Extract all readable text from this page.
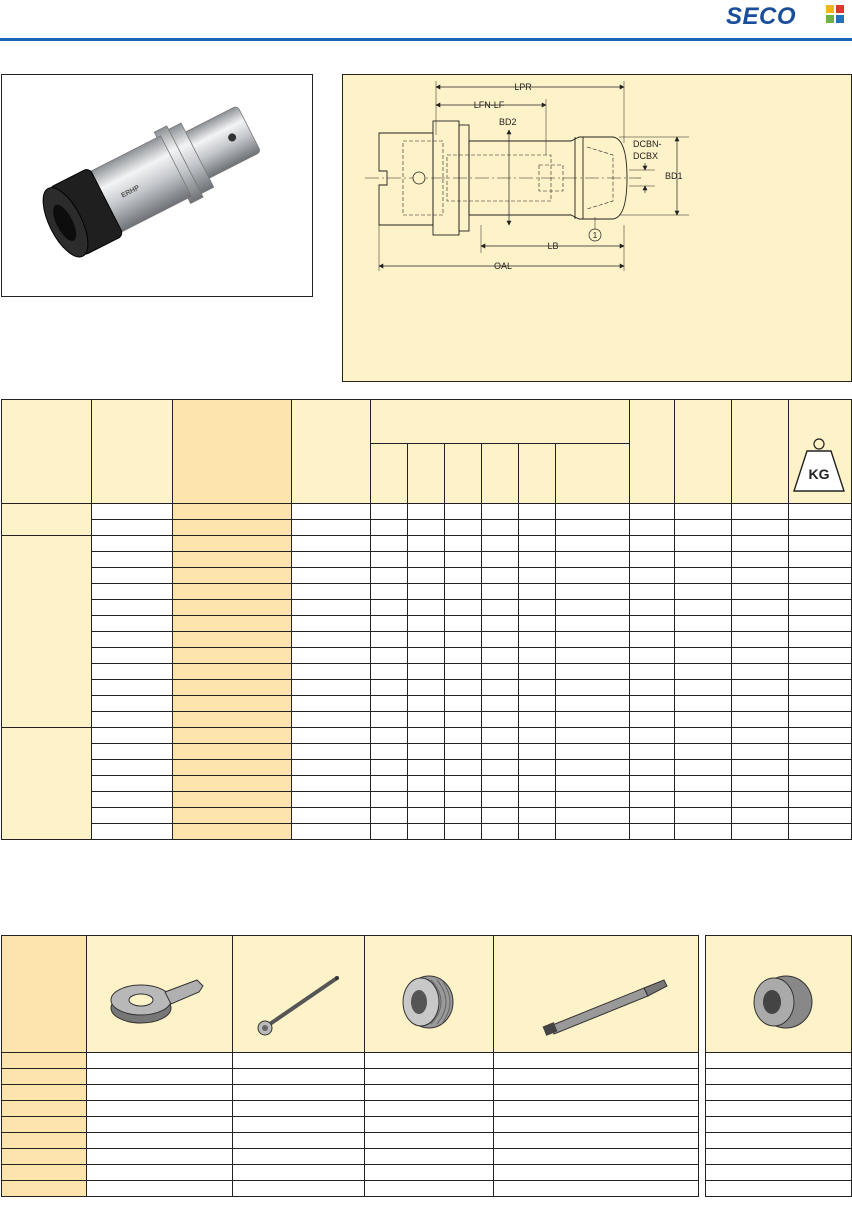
SECO
ERHP
LPR
LFN-LF
BD2
DCBN-
DCBX
BD1
1
LB
OAL

KG
